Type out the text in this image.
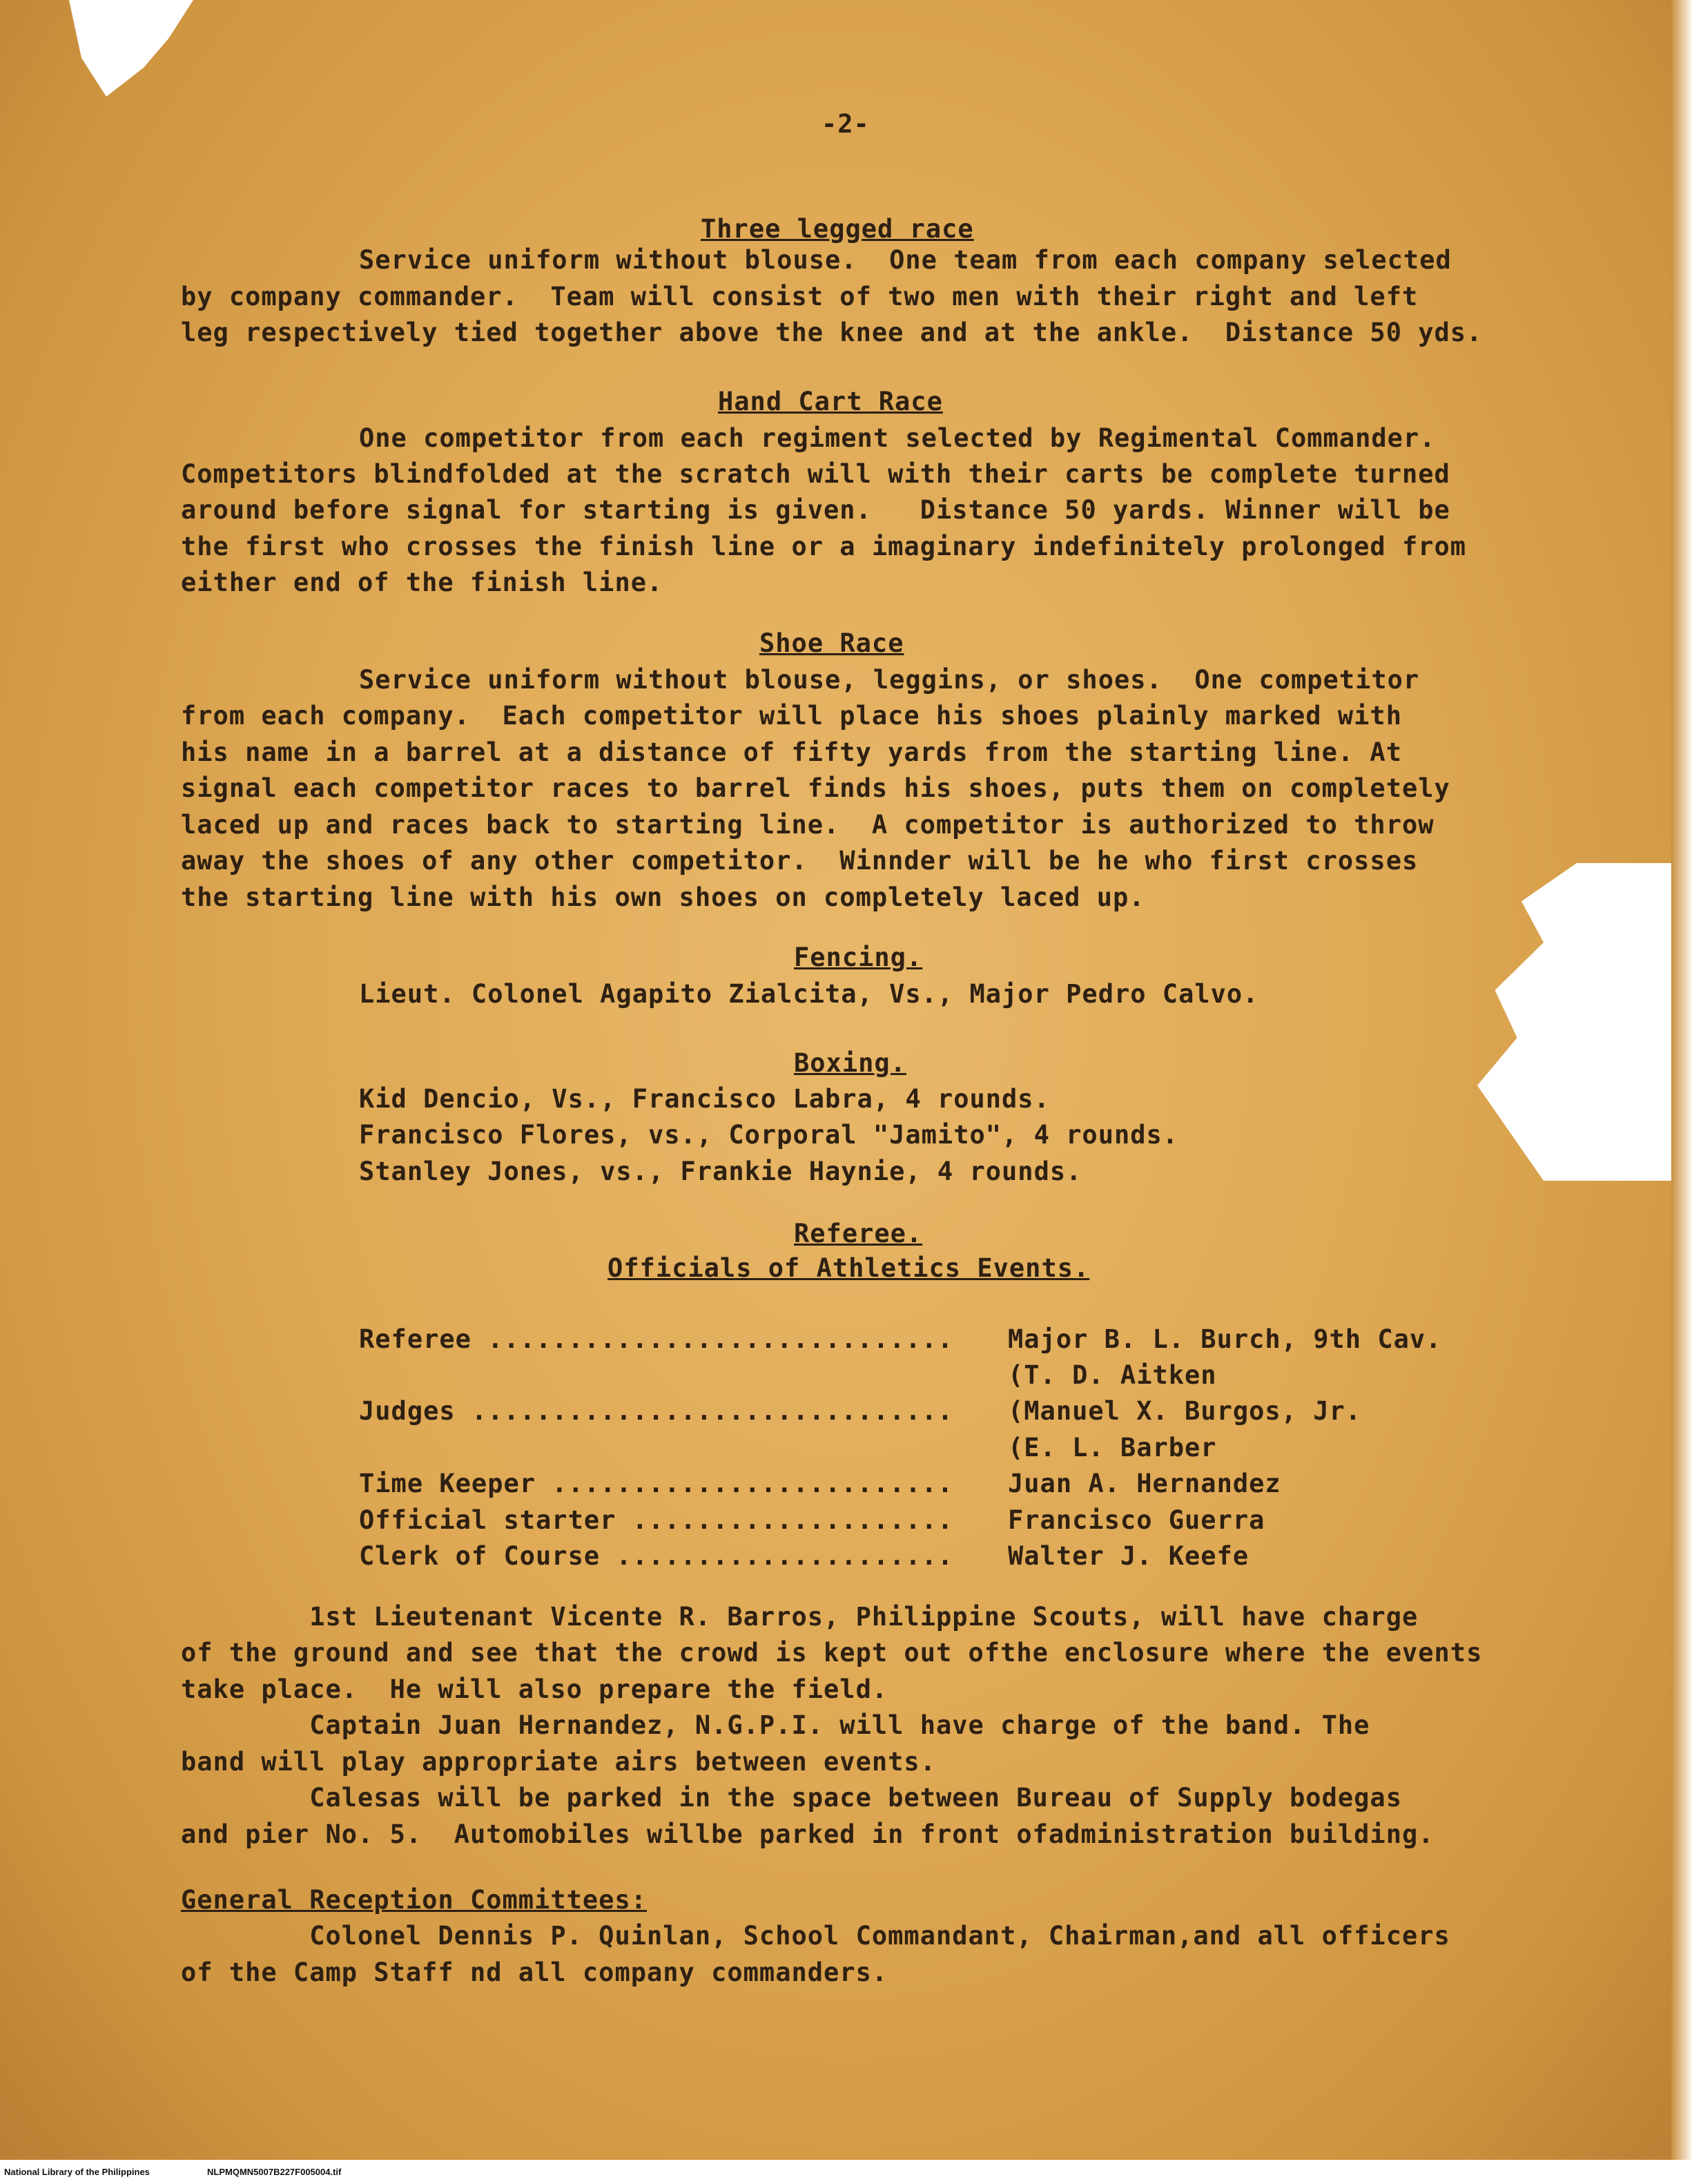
-2-
Three legged race
Service uniform without blouse.  One team from each company selected
by company commander.  Team will consist of two men with their right and left
leg respectively tied together above the knee and at the ankle.  Distance 50 yds.
Hand Cart Race
One competitor from each regiment selected by Regimental Commander.
Competitors blindfolded at the scratch will with their carts be complete turned
around before signal for starting is given.   Distance 50 yards. Winner will be
the first who crosses the finish line or a imaginary indefinitely prolonged from
either end of the finish line.
Shoe Race
Service uniform without blouse, leggins, or shoes.  One competitor
from each company.  Each competitor will place his shoes plainly marked with
his name in a barrel at a distance of fifty yards from the starting line. At
signal each competitor races to barrel finds his shoes, puts them on completely
laced up and races back to starting line.  A competitor is authorized to throw
away the shoes of any other competitor.  Winnder will be he who first crosses
the starting line with his own shoes on completely laced up.
Fencing.
Lieut. Colonel Agapito Zialcita, Vs., Major Pedro Calvo.
Boxing.
Kid Dencio, Vs., Francisco Labra, 4 rounds.
Francisco Flores, vs., Corporal "Jamito", 4 rounds.
Stanley Jones, vs., Frankie Haynie, 4 rounds.
Referee.
Officials of Athletics Events.
Referee ............................. Major B. L. Burch, 9th Cav.
(T. D. Aitken
Judges .............................. (Manuel X. Burgos, Jr.
(E. L. Barber
Time Keeper ......................... Juan A. Hernandez
Official starter .................... Francisco Guerra
Clerk of Course ..................... Walter J. Keefe
1st Lieutenant Vicente R. Barros, Philippine Scouts, will have charge
of the ground and see that the crowd is kept out ofthe enclosure where the events
take place.  He will also prepare the field.
Captain Juan Hernandez, N.G.P.I. will have charge of the band. The
band will play appropriate airs between events.
Calesas will be parked in the space between Bureau of Supply bodegas
and pier No. 5.  Automobiles willbe parked in front ofadministration building.
General Reception Committees:
Colonel Dennis P. Quinlan, School Commandant, Chairman,and all officers
of the Camp Staff nd all company commanders.
National Library of the Philippines	NLPMQMN5007B227F005004.tif
